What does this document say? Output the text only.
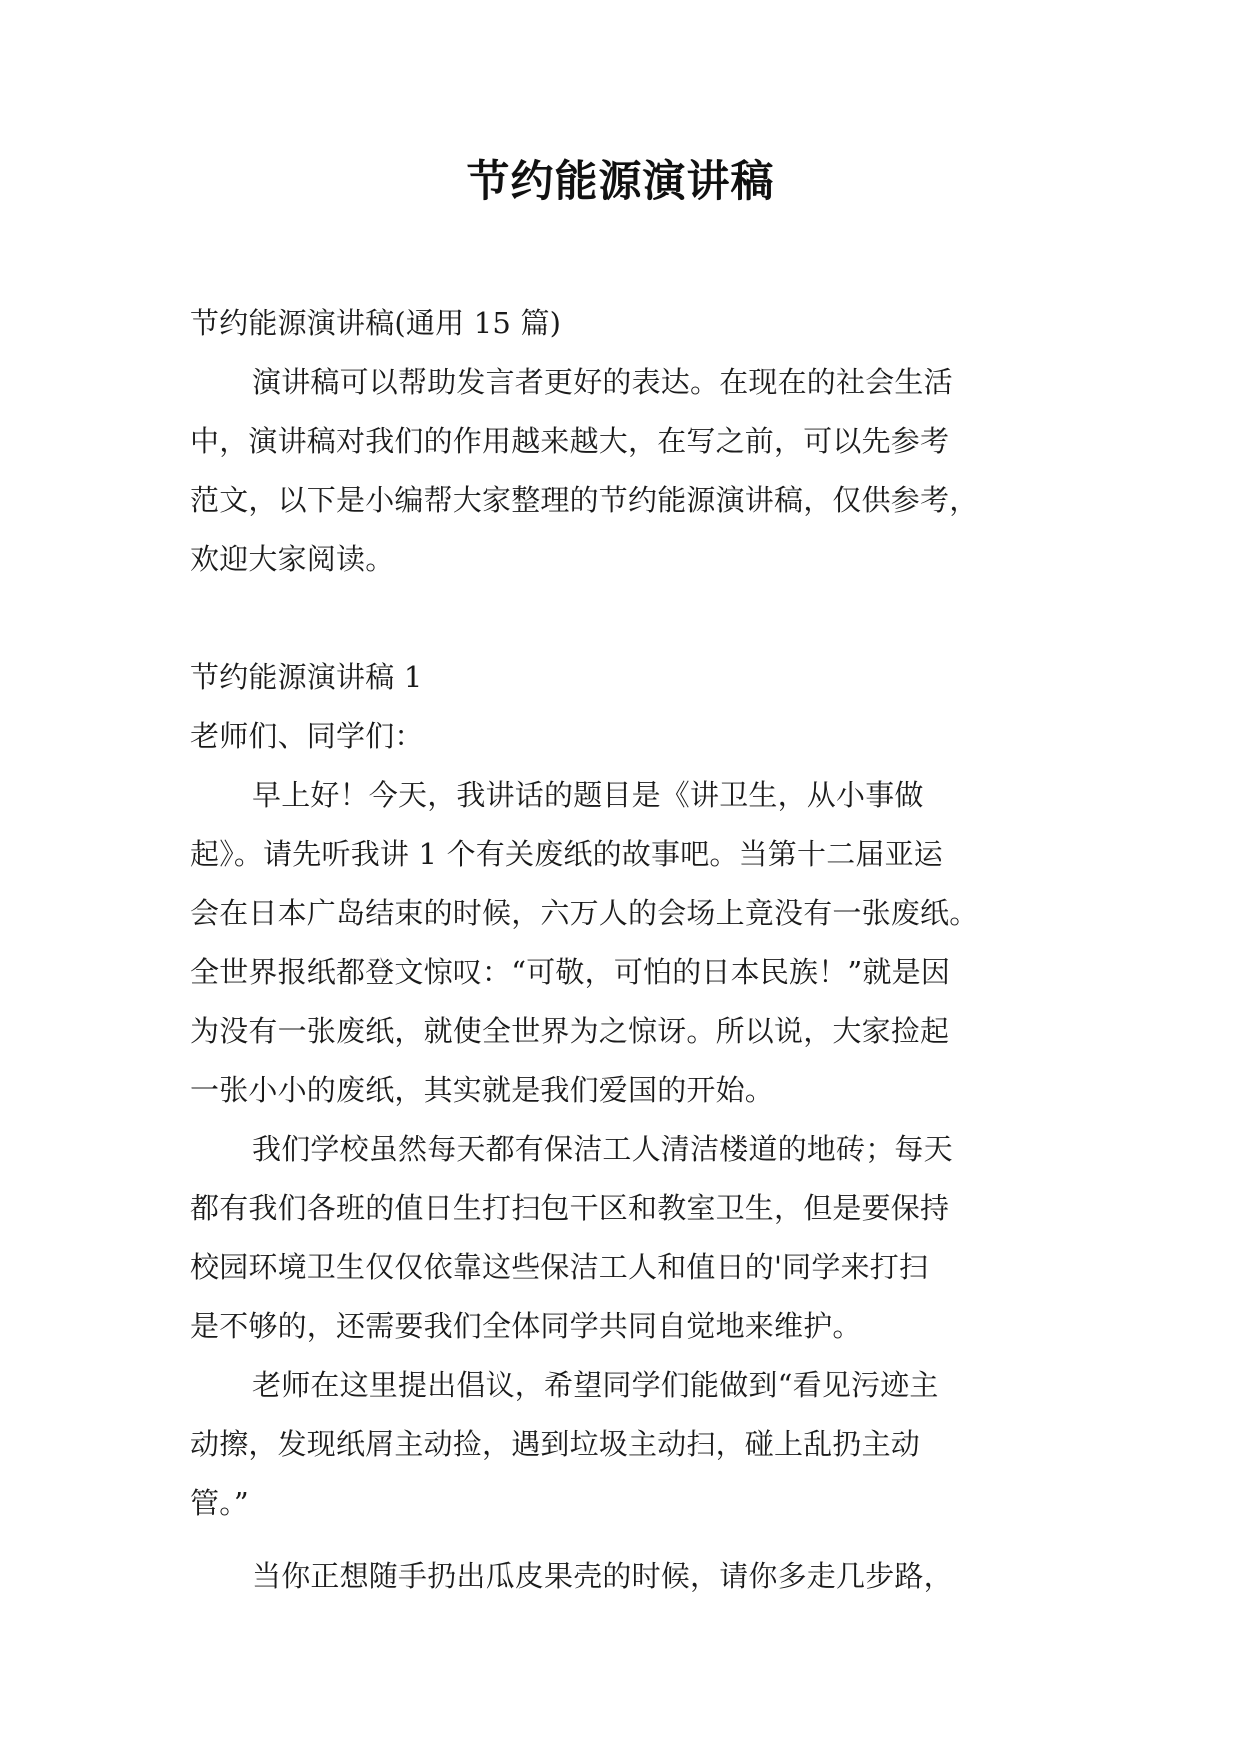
节约能源演讲稿

节约能源演讲稿(通用 15 篇)

演讲稿可以帮助发言者更好的表达。在现在的社会生活

中，演讲稿对我们的作用越来越大，在写之前，可以先参考

范文，以下是小编帮大家整理的节约能源演讲稿，仅供参考，

欢迎大家阅读。

节约能源演讲稿 1

老师们、同学们：

早上好！今天，我讲话的题目是《讲卫生，从小事做

起》。请先听我讲 1 个有关废纸的故事吧。当第十二届亚运

会在日本广岛结束的时候，六万人的会场上竟没有一张废纸。

全世界报纸都登文惊叹：“可敬，可怕的日本民族！”就是因

为没有一张废纸，就使全世界为之惊讶。所以说，大家捡起

一张小小的废纸，其实就是我们爱国的开始。

我们学校虽然每天都有保洁工人清洁楼道的地砖；每天

都有我们各班的值日生打扫包干区和教室卫生，但是要保持

校园环境卫生仅仅依靠这些保洁工人和值日的'同学来打扫

是不够的，还需要我们全体同学共同自觉地来维护。

老师在这里提出倡议，希望同学们能做到“看见污迹主

动擦，发现纸屑主动捡，遇到垃圾主动扫，碰上乱扔主动

管。”

当你正想随手扔出瓜皮果壳的时候，请你多走几步路，
